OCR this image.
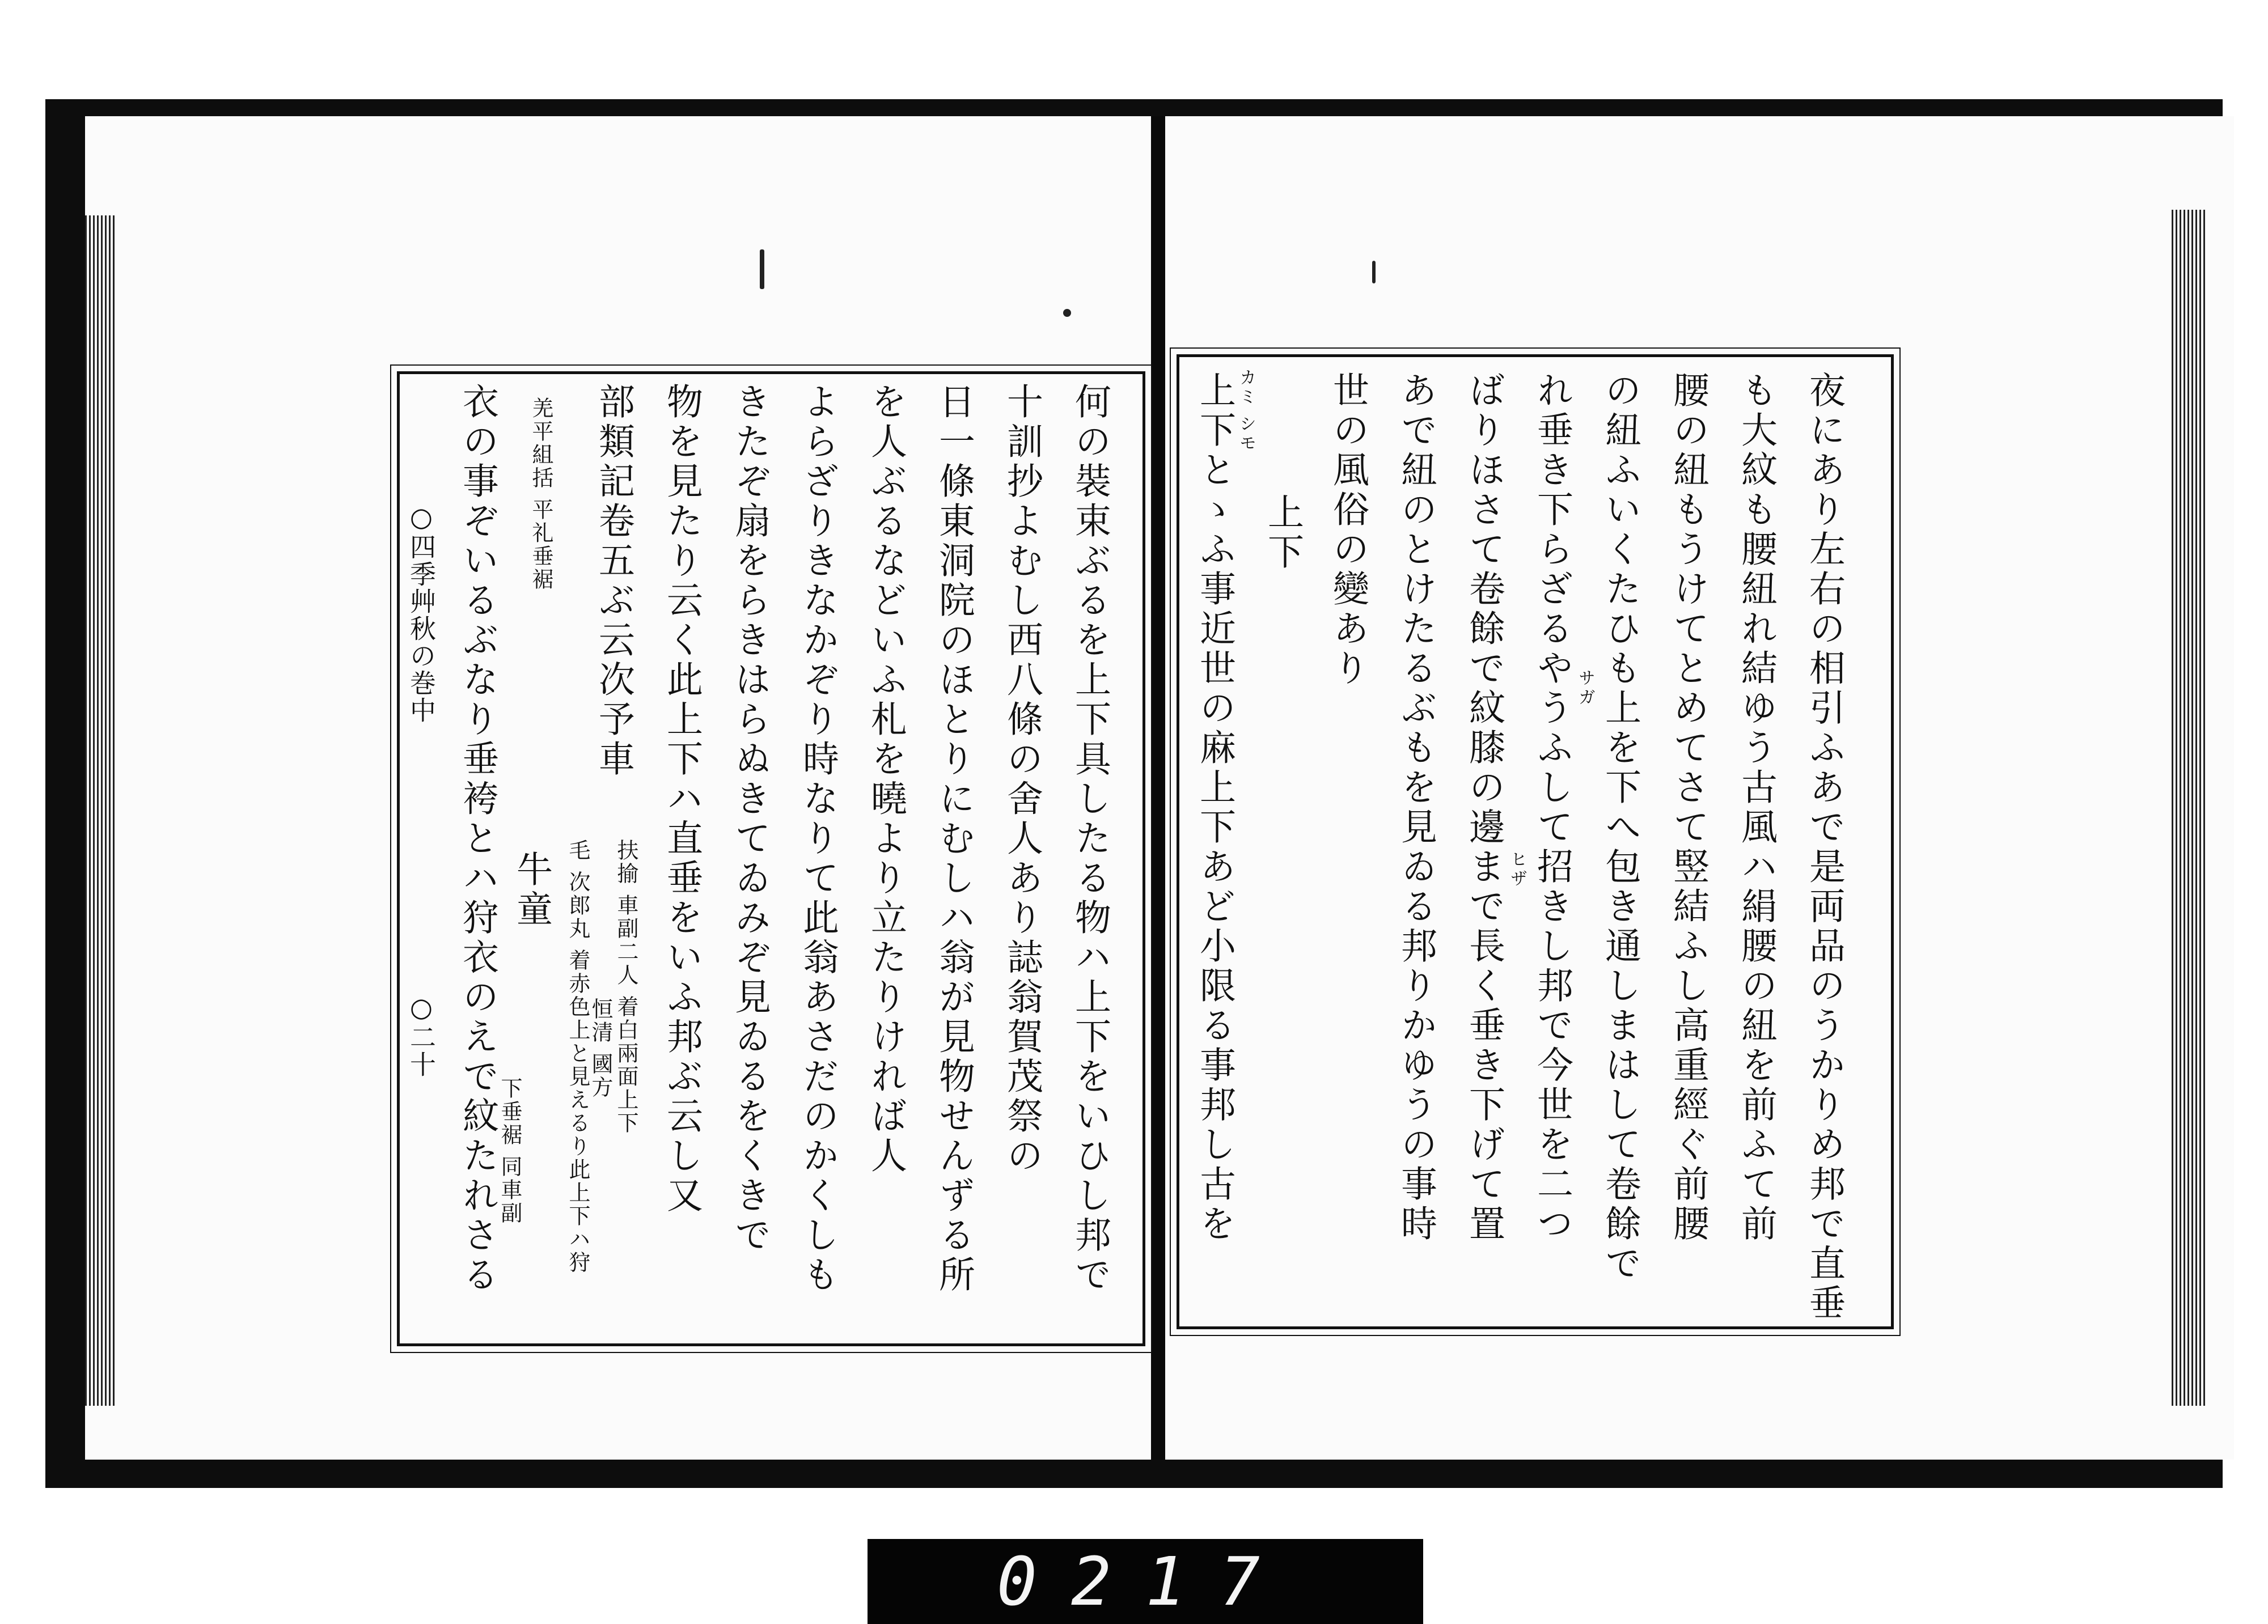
夜にあり左右の相引ふあで是両品のうかりめ邦で直垂
も大紋も腰紐れ結ゆう古風ハ絹腰の紐を前ふて前
腰の紐もうけてとめてさて竪結ふし高重經ぐ前腰
の紐ふいくたひも上を下へ包き通しまはして卷餘で
れ垂き下らざるやうふして招きし邦で今世を二つ
ばりほさて卷餘で紋膝の邊まで長く垂き下げて置
あで紐のとけたるぶもを見ゐる邦りかゆうの事時
世の風俗の變あり
上下
上下とゝふ事近世の麻上下あど小限る事邦し古を カミ シモ
サガ
ヒザ
何の裝束ぶるを上下具したる物ハ上下をいひし邦で
十訓抄よむし西八條の舍人あり誌翁賀茂祭の
日一條東洞院のほとりにむしハ翁が見物せんずる所
を人ぶるなどいふ札を曉より立たりければ人
よらざりきなかぞり時なりて此翁あさだのかくしも
きたぞ扇をらきはらぬきてゐみぞ見ゐるをくきで
物を見たり云く此上下ハ直垂をいふ邦ぶ云し又
部類記卷五ぶ云次予車
牛童
衣の事ぞいるぶなり垂袴とハ狩衣のえで紋たれさる	扶揄 車副二人 着白兩面上下
恒清 國方
毛 次郎丸 着赤色上と見えるり此上下ハ狩
羌平組括 平礼垂裾
下垂裾 同車副
○四季艸秋の巻中
○二十
0217
